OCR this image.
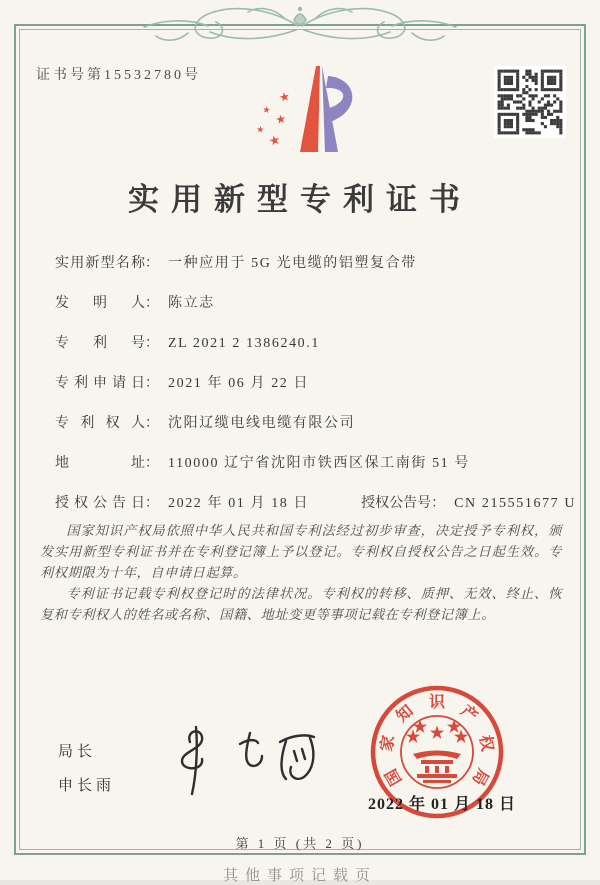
证书号第15532780号
★
★
★
★
★
实用新型专利证书
实用新型名称： 一种应用于 5G 光电缆的铝塑复合带
发明人： 陈立志
专利号： ZL 2021 2 1386240.1
专利申请日： 2021 年 06 月 22 日
专利权人： 沈阳辽缆电线电缆有限公司
地址： 110000 辽宁省沈阳市铁西区保工南街 51 号
授权公告日： 2022 年 01 月 18 日	授权公告号： CN 215551677 U

国家知识产权局依照中华人民共和国专利法经过初步审查，决定授予专利权，颁发实用新型专利证书并在专利登记簿上予以登记。专利权自授权公告之日起生效。专利权期限为十年，自申请日起算。

专利证书记载专利权登记时的法律状况。专利权的转移、质押、无效、终止、恢复和专利权人的姓名或名称、国籍、地址变更等事项记载在专利登记簿上。

局长
申长雨	国
家
知 识 产
权
局
★
★ ★
★ ★
2022 年 01 月 18 日
第 1 页 (共 2 页)
其他事项记载页
